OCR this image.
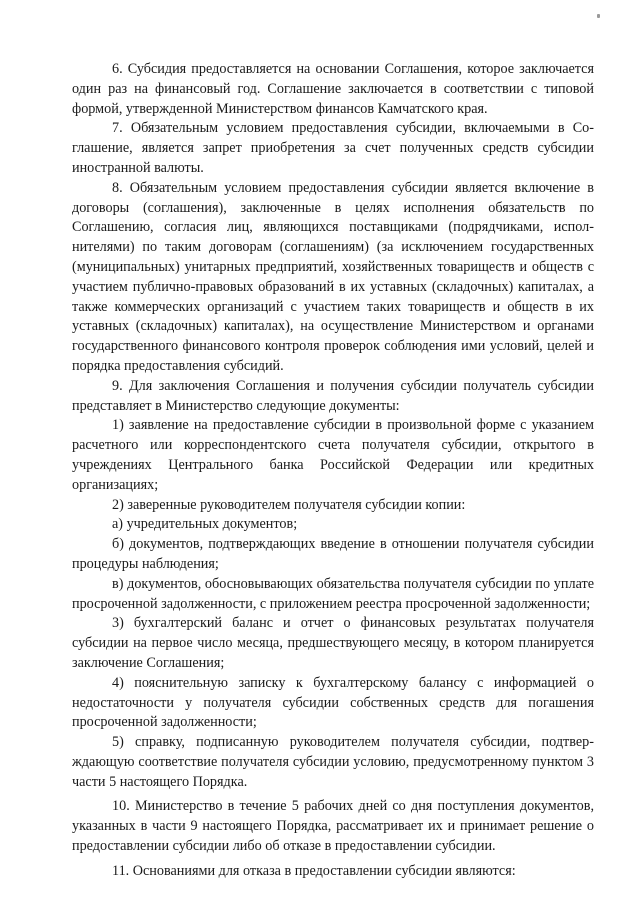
6. Субсидия предоставляется на основании Соглашения, которое заключается один раз на финансовый год. Соглашение заключается в соответствии с типовой формой, утвержденной Министерством финансов Камчатского края.

7. Обязательным условием предоставления субсидии, включаемыми в Соглашение, является запрет приобретения за счет полученных средств субсидии иностранной валюты.

8. Обязательным условием предоставления субсидии является включение в договоры (соглашения), заключенные в целях исполнения обязательств по Соглашению, согласия лиц, являющихся поставщиками (подрядчиками, исполнителями) по таким договорам (соглашениям) (за исключением государственных (муниципальных) унитарных предприятий, хозяйственных товариществ и обществ с участием публично-правовых образований в их уставных (складочных) капиталах, а также коммерческих организаций с участием таких товариществ и обществ в их уставных (складочных) капиталах), на осуществление Министерством и органами государственного финансового контроля проверок соблюдения ими условий, целей и порядка предоставления субсидий.

9. Для заключения Соглашения и получения субсидии получатель субсидии представляет в Министерство следующие документы:

1) заявление на предоставление субсидии в произвольной форме с указанием расчетного или корреспондентского счета получателя субсидии, открытого в учреждениях Центрального банка Российской Федерации или кредитных организациях;

2) заверенные руководителем получателя субсидии копии:

а) учредительных документов;

б) документов, подтверждающих введение в отношении получателя субсидии процедуры наблюдения;

в) документов, обосновывающих обязательства получателя субсидии по уплате просроченной задолженности, с приложением реестра просроченной задолженности;

3) бухгалтерский баланс и отчет о финансовых результатах получателя субсидии на первое число месяца, предшествующего месяцу, в котором планируется заключение Соглашения;

4) пояснительную записку к бухгалтерскому балансу с информацией о недостаточности у получателя субсидии собственных средств для погашения просроченной задолженности;

5) справку, подписанную руководителем получателя субсидии, подтверждающую соответствие получателя субсидии условию, предусмотренному пунктом 3 части 5 настоящего Порядка.

10. Министерство в течение 5 рабочих дней со дня поступления документов, указанных в части 9 настоящего Порядка, рассматривает их и принимает решение о предоставлении субсидии либо об отказе в предоставлении субсидии.

11. Основаниями для отказа в предоставлении субсидии являются:
